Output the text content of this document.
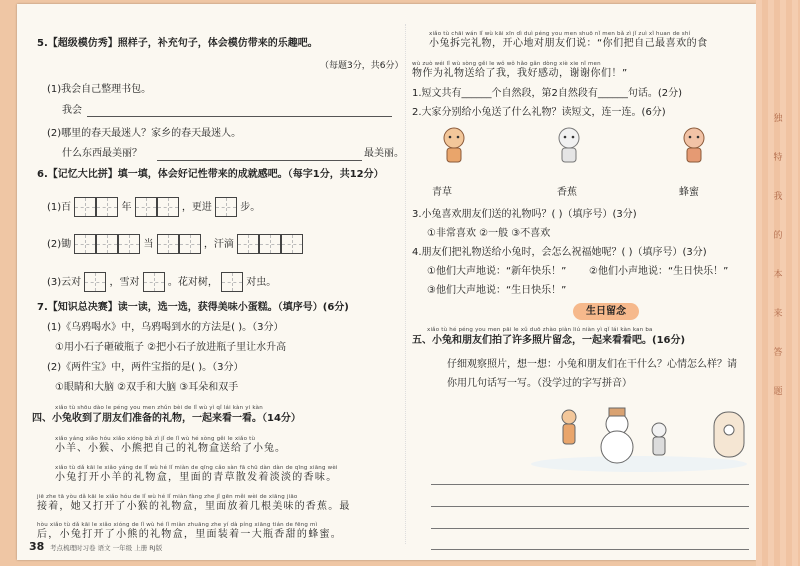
5.【超级模仿秀】照样子，补充句子，体会模仿带来的乐趣吧。
（每题3分，共6分）
(1)我会自己整理书包。
我会
(2)哪里的春天最迷人？家乡的春天最迷人。
什么东西最美丽？	最美丽。
6.【记忆大比拼】填一填，体会好记性带来的成就感吧。（每字1分，共12分）
(1)百	年	，更进	步。
(2)锄	当	，汗滴
(3)云对	，雪对	。花对树，	对虫。
7.【知识总决赛】读一读，选一选，获得美味小蛋糕。（填序号）(6分)
(1)《乌鸦喝水》中，乌鸦喝到水的方法是( )。（3分）
①用小石子砸破瓶子 ②把小石子放进瓶子里让水升高
(2)《两件宝》中，两件宝指的是( )。（3分）
①眼睛和大脑 ②双手和大脑 ③耳朵和双手
xiǎo tù shōu dào le péng you men zhǔn bèi de lǐ wù yì qǐ lái kàn yi kàn
四、小兔收到了朋友们准备的礼物，一起来看一看。（14分）
xiǎo yáng xiǎo hóu xiǎo xióng bǎ zì jǐ de lǐ wù hé sòng gěi le xiǎo tù
小羊、小猴、小熊把自己的礼物盒送给了小兔。
xiǎo tù dǎ kāi le xiǎo yáng de lǐ wù hé lǐ miàn de qīng cǎo sàn fā chū dàn dàn de qīng xiāng wèi
小兔打开小羊的礼物盒，里面的青草散发着淡淡的香味。
jiē zhe tā yòu dǎ kāi le xiǎo hóu de lǐ wù hé lǐ miàn fàng zhe jǐ gēn měi wèi de xiāng jiāo
接着，她又打开了小猴的礼物盒，里面放着几根美味的香蕉。最
hòu xiǎo tù dǎ kāi le xiǎo xióng de lǐ wù hé lǐ miàn zhuāng zhe yí dà píng xiāng tián de fēng mì
后，小兔打开了小熊的礼物盒，里面装着一大瓶香甜的蜂蜜。
xiǎo tù chāi wán lǐ wù kāi xīn dì duì péng you men shuō nǐ men bǎ zì jǐ zuì xǐ huan de shí
小兔拆完礼物，开心地对朋友们说：“你们把自己最喜欢的食
wù zuò wéi lǐ wù sòng gěi le wǒ wǒ hǎo gǎn dòng xiè xie nǐ men
物作为礼物送给了我，我好感动，谢谢你们！”
1.短文共有______个自然段，第2自然段有______句话。(2分)
2.大家分别给小兔送了什么礼物？读短文，连一连。(6分)
青草	香蕉	蜂蜜
3.小兔喜欢朋友们送的礼物吗？( )（填序号）(3分)
①非常喜欢 ②一般 ③不喜欢
4.朋友们把礼物送给小兔时，会怎么祝福她呢？( )（填序号）(3分)
①他们大声地说：“新年快乐！” ②他们小声地说：“生日快乐！”
③他们大声地说：“生日快乐！”
xiǎo tù hé péng you men pāi le xǔ duō zhào piàn liú niàn yì qǐ lái kàn kan ba
五、小兔和朋友们拍了许多照片留念，一起来看看吧。(16分)
仔细观察照片，想一想：小兔和朋友们在干什么？心情怎么样？请
你用几句话写一写。（没学过的字写拼音）
生日留念
38 考点梳理时习卷 语文 一年级 上册 RJ版
独
特
我
的
本
来
答
题
